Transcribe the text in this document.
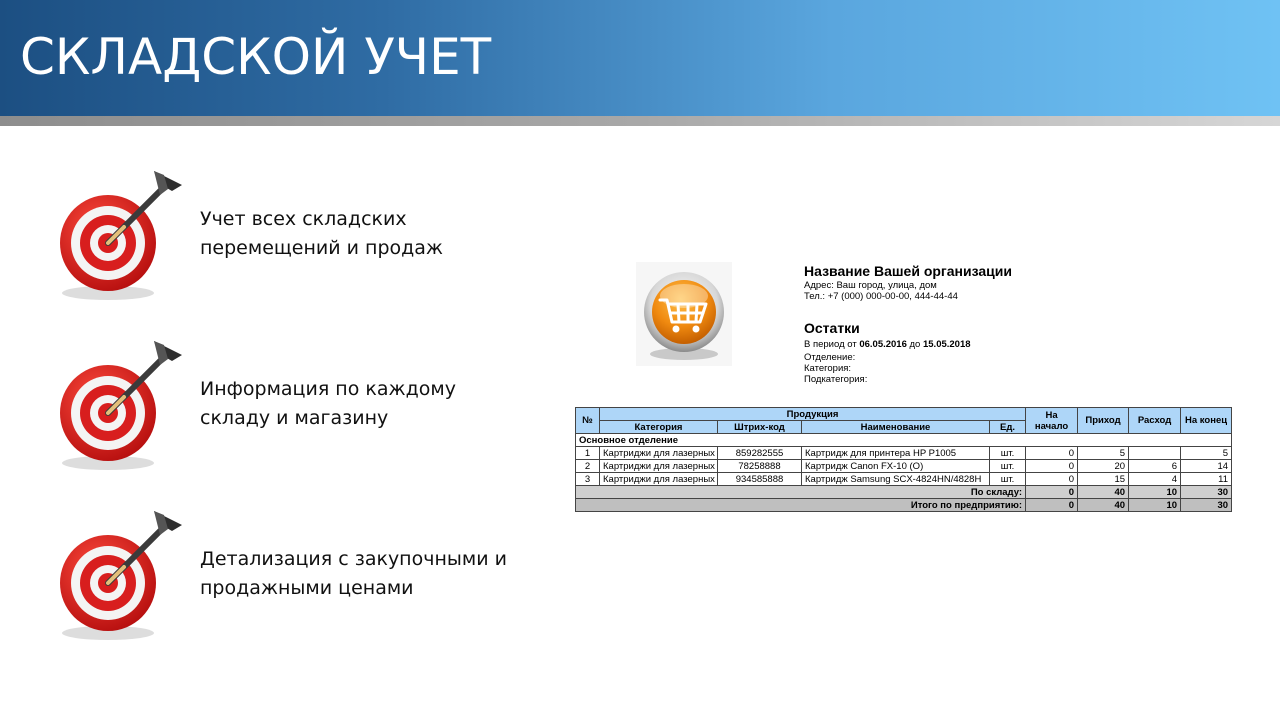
СКЛАДСКОЙ УЧЕТ
Учет всех складских перемещений и продаж
Информация по каждому складу и магазину
Детализация с закупочными и продажными ценами
Название Вашей организации
Адрес: Ваш город, улица, дом
Тел.: +7 (000) 000-00-00, 444-44-44
Остатки
В период от 06.05.2016 до 15.05.2018
Отделение:
Категория:
Подкатегория:
№	Продукция				На начало	Приход	Расход	На конец
	Категория	Штрих-код	Наименование	Ед.				
Основное отделение								
1	Картриджи для лазерных	859282555	Картридж для принтера HP P1005	шт.	0	5		5
2	Картриджи для лазерных	78258888	Картридж Canon FX-10 (O)	шт.	0	20	6	14
3	Картриджи для лазерных	934585888	Картридж Samsung SCX-4824HN/4828H	шт.	0	15	4	11
По складу:					0	40	10	30
Итого по предприятию:					0	40	10	30
